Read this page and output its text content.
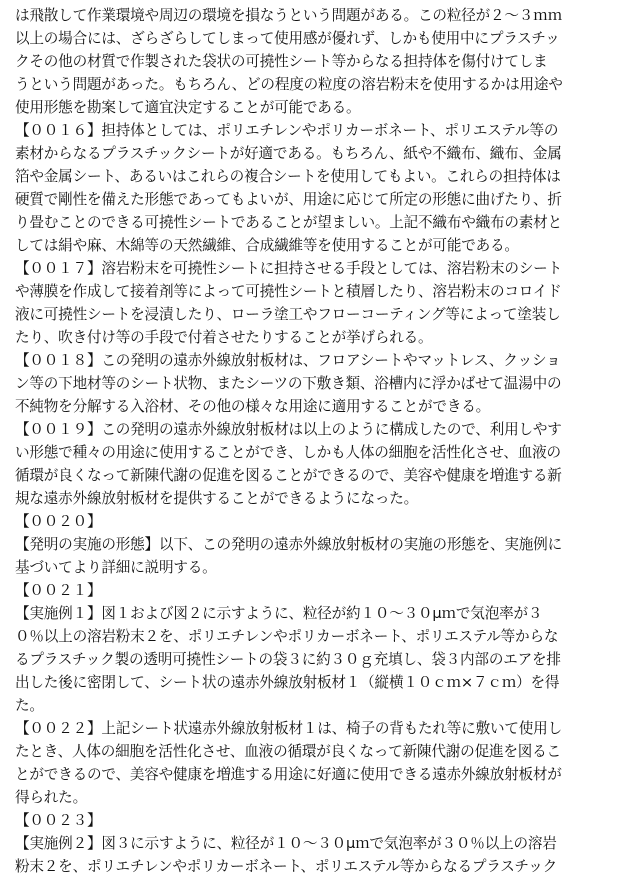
は飛散して作業環境や周辺の環境を損なうという問題がある。この粒径が２～３ｍｍ
以上の場合には、ざらざらしてしまって使用感が優れず、しかも使用中にプラスチッ
クその他の材質で作製された袋状の可撓性シート等からなる担持体を傷付けてしま
うという問題があった。もちろん、どの程度の粒度の溶岩粉末を使用するかは用途や
使用形態を勘案して適宜決定することが可能である。
【００１６】担持体としては、ポリエチレンやポリカーボネート、ポリエステル等の
素材からなるプラスチックシートが好適である。もちろん、紙や不織布、織布、金属
箔や金属シート、あるいはこれらの複合シートを使用してもよい。これらの担持体は
硬質で剛性を備えた形態であってもよいが、用途に応じて所定の形態に曲げたり、折
り畳むことのできる可撓性シートであることが望ましい。上記不織布や織布の素材と
しては絹や麻、木綿等の天然繊維、合成繊維等を使用することが可能である。
【００１７】溶岩粉末を可撓性シートに担持させる手段としては、溶岩粉末のシート
や薄膜を作成して接着剤等によって可撓性シートと積層したり、溶岩粉末のコロイド
液に可撓性シートを浸漬したり、ローラ塗工やフローコーティング等によって塗装し
たり、吹き付け等の手段で付着させたりすることが挙げられる。
【００１８】この発明の遠赤外線放射板材は、フロアシートやマットレス、クッショ
ン等の下地材等のシート状物、またシーツの下敷き類、浴槽内に浮かばせて温湯中の
不純物を分解する入浴材、その他の様々な用途に適用することができる。
【００１９】この発明の遠赤外線放射板材は以上のように構成したので、利用しやす
い形態で種々の用途に使用することができ、しかも人体の細胞を活性化させ、血液の
循環が良くなって新陳代謝の促進を図ることができるので、美容や健康を増進する新
規な遠赤外線放射板材を提供することができるようになった。
【００２０】
【発明の実施の形態】以下、この発明の遠赤外線放射板材の実施の形態を、実施例に
基づいてより詳細に説明する。
【００２１】
【実施例１】図１および図２に示すように、粒径が約１０～３０μｍで気泡率が３
０％以上の溶岩粉末２を、ポリエチレンやポリカーボネート、ポリエステル等からな
るプラスチック製の透明可撓性シートの袋３に約３０ｇ充填し、袋３内部のエアを排
出した後に密閉して、シート状の遠赤外線放射板材１（縦横１０ｃｍ×７ｃｍ）を得
た。
【００２２】上記シート状遠赤外線放射板材１は、椅子の背もたれ等に敷いて使用し
たとき、人体の細胞を活性化させ、血液の循環が良くなって新陳代謝の促進を図るこ
とができるので、美容や健康を増進する用途に好適に使用できる遠赤外線放射板材が
得られた。
【００２３】
【実施例２】図３に示すように、粒径が１０～３０μｍで気泡率が３０％以上の溶岩
粉末２を、ポリエチレンやポリカーボネート、ポリエステル等からなるプラスチック
